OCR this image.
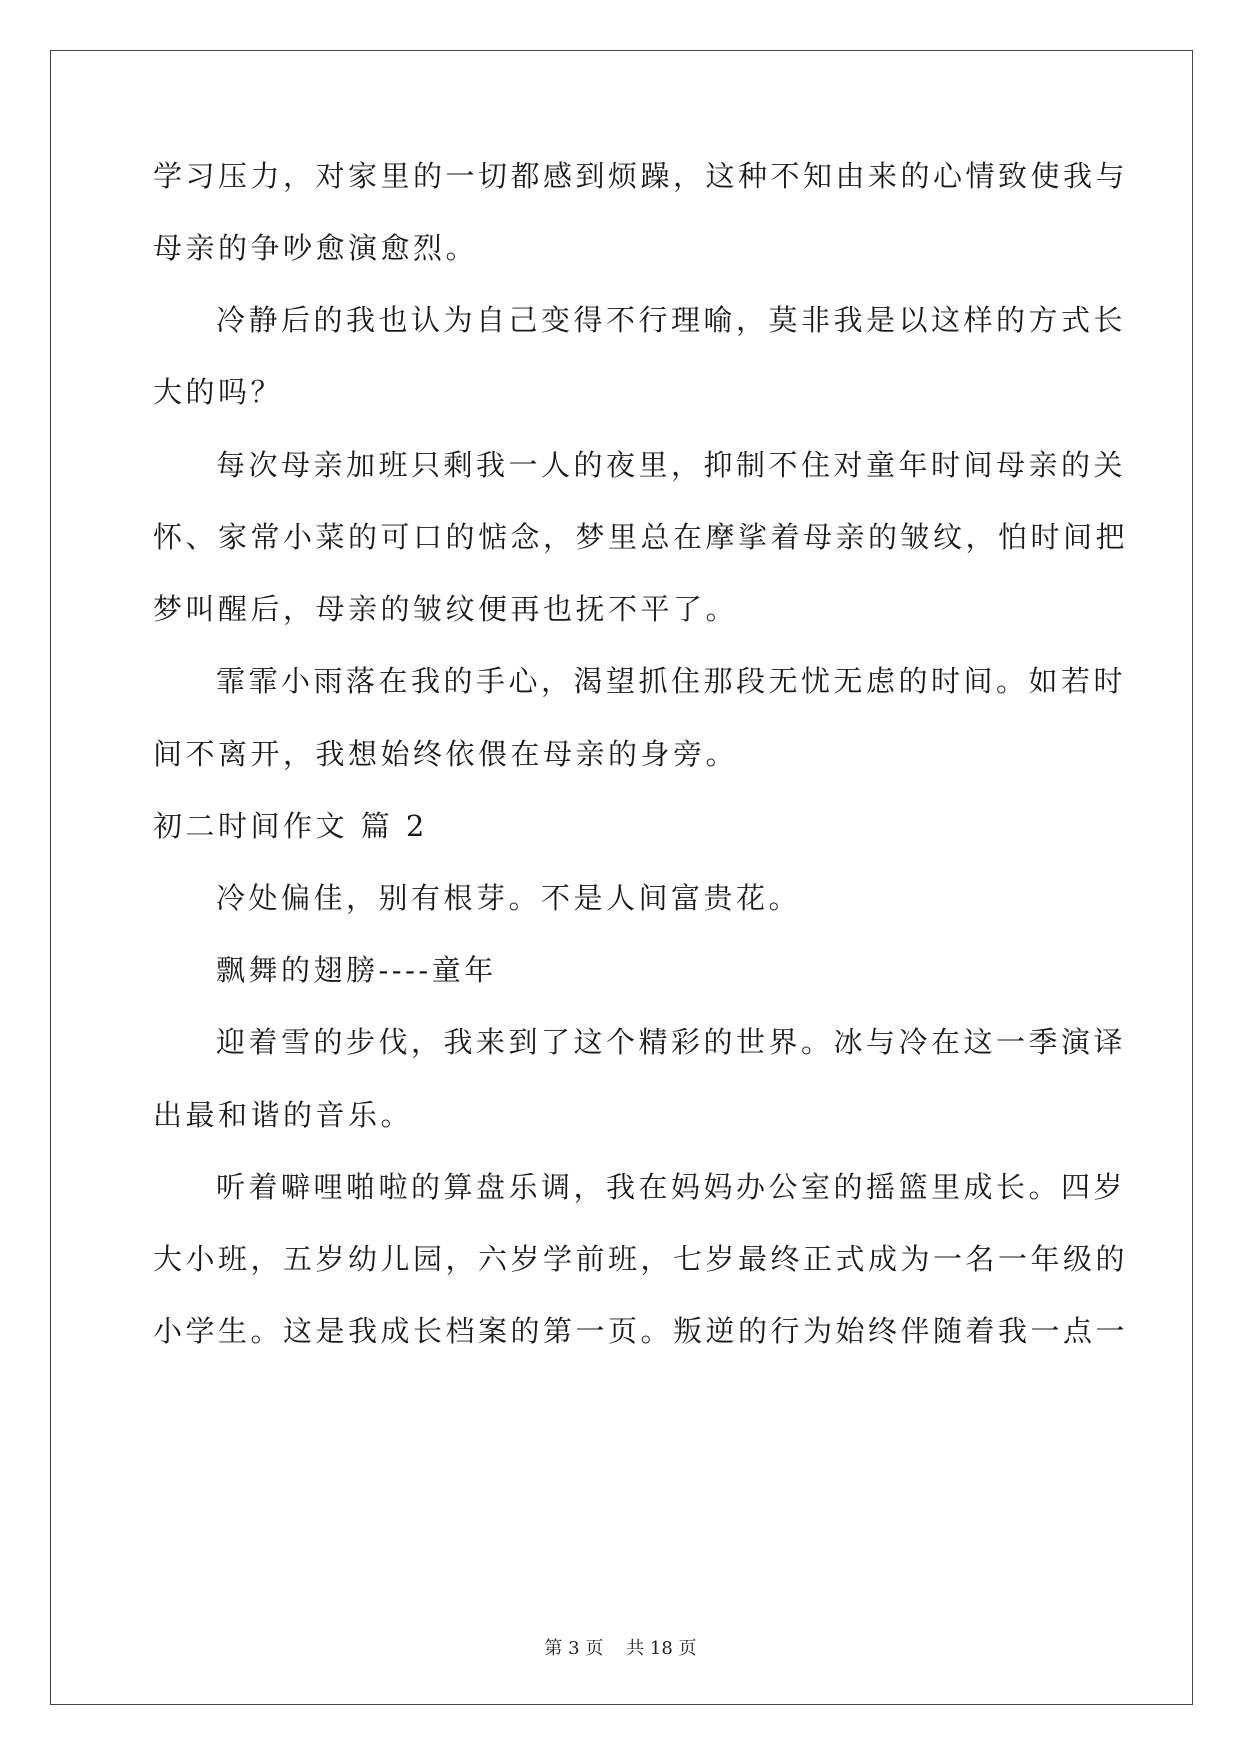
学习压力，对家里的一切都感到烦躁，这种不知由来的心情致使我与
母亲的争吵愈演愈烈。
冷静后的我也认为自己变得不行理喻，莫非我是以这样的方式长
大的吗？
每次母亲加班只剩我一人的夜里，抑制不住对童年时间母亲的关
怀、家常小菜的可口的惦念，梦里总在摩挲着母亲的皱纹，怕时间把
梦叫醒后，母亲的皱纹便再也抚不平了。
霏霏小雨落在我的手心，渴望抓住那段无忧无虑的时间。如若时
间不离开，我想始终依偎在母亲的身旁。
初二时间作文 篇 2
冷处偏佳，别有根芽。不是人间富贵花。
飘舞的翅膀----童年
迎着雪的步伐，我来到了这个精彩的世界。冰与冷在这一季演译
出最和谐的音乐。
听着噼哩啪啦的算盘乐调，我在妈妈办公室的摇篮里成长。四岁
大小班，五岁幼儿园，六岁学前班，七岁最终正式成为一名一年级的
小学生。这是我成长档案的第一页。叛逆的行为始终伴随着我一点一
第 3 页    共 18 页
